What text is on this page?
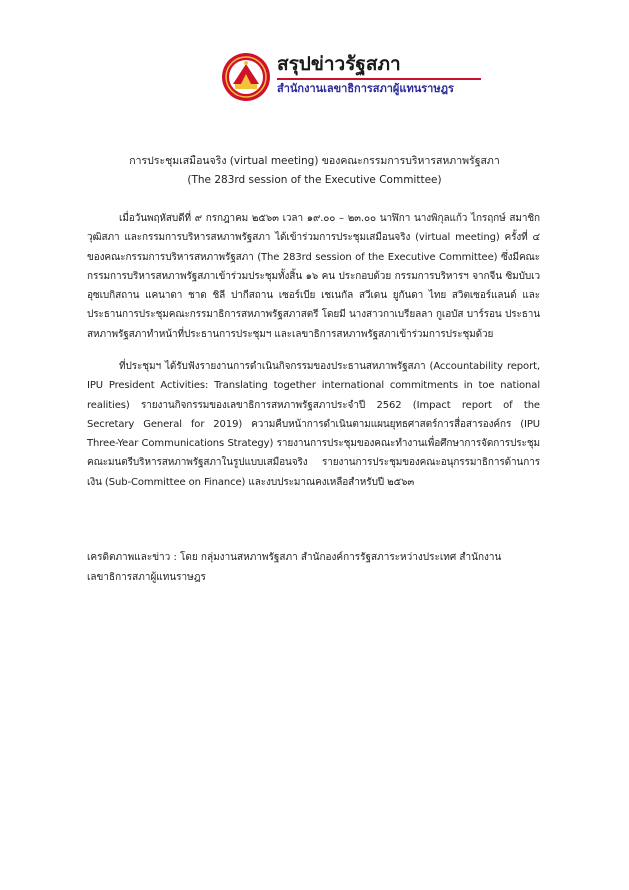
สรุปข่าวรัฐสภา

สำนักงานเลขาธิการสภาผู้แทนราษฎร

การประชุมเสมือนจริง (virtual meeting) ของคณะกรรมการบริหารสหภาพรัฐสภา

(The 283rd session of the Executive Committee)

เมื่อวันพฤหัสบดีที่ ๙ กรกฎาคม ๒๕๖๓ เวลา ๑๙.๐๐ – ๒๓.๐๐ นาฬิกา นางพิกุลแก้ว ไกรฤกษ์ สมาชิกวุฒิสภา และกรรมการบริหารสหภาพรัฐสภา ได้เข้าร่วมการประชุมเสมือนจริง (virtual meeting) ครั้งที่ ๔ ของคณะกรรมการบริหารสหภาพรัฐสภา (The 283rd session of the Executive Committee) ซึ่งมีคณะกรรมการบริหารสหภาพรัฐสภาเข้าร่วมประชุมทั้งสิ้น ๑๖ คน ประกอบด้วย กรรมการบริหารฯ จากจีน ซิมบับเว อุซเบกิสถาน แคนาดา ชาด ชิลี ปากีสถาน เซอร์เบีย เชเนกัล สวีเดน ยูกันดา ไทย สวิตเซอร์แลนด์ และประธานการประชุมคณะกรรมาธิการสหภาพรัฐสภาสตรี โดยมี นางสาวกาเบรียลลา กูเอบัส บาร์รอน ประธานสหภาพรัฐสภาทำหน้าที่ประธานการประชุมฯ และเลขาธิการสหภาพรัฐสภาเข้าร่วมการประชุมด้วย

ที่ประชุมฯ ได้รับฟังรายงานการดำเนินกิจกรรมของประธานสหภาพรัฐสภา (Accountability report, IPU President Activities: Translating together international commitments in toe national realities) รายงานกิจกรรมของเลขาธิการสหภาพรัฐสภาประจำปี 2562 (Impact report of the Secretary General for 2019) ความคืบหน้าการดำเนินตามแผนยุทธศาสตร์การสื่อสารองค์กร (IPU Three-Year Communications Strategy) รายงานการประชุมของคณะทำงานเพื่อศึกษาการจัดการประชุมคณะมนตรีบริหารสหภาพรัฐสภาในรูปแบบเสมือนจริง รายงานการประชุมของคณะอนุกรรมาธิการด้านการเงิน (Sub-Committee on Finance) และงบประมาณคงเหลือสำหรับปี ๒๕๖๓

เครดิตภาพและข่าว : โดย กลุ่มงานสหภาพรัฐสภา สำนักองค์การรัฐสภาระหว่างประเทศ สำนักงานเลขาธิการสภาผู้แทนราษฎร
